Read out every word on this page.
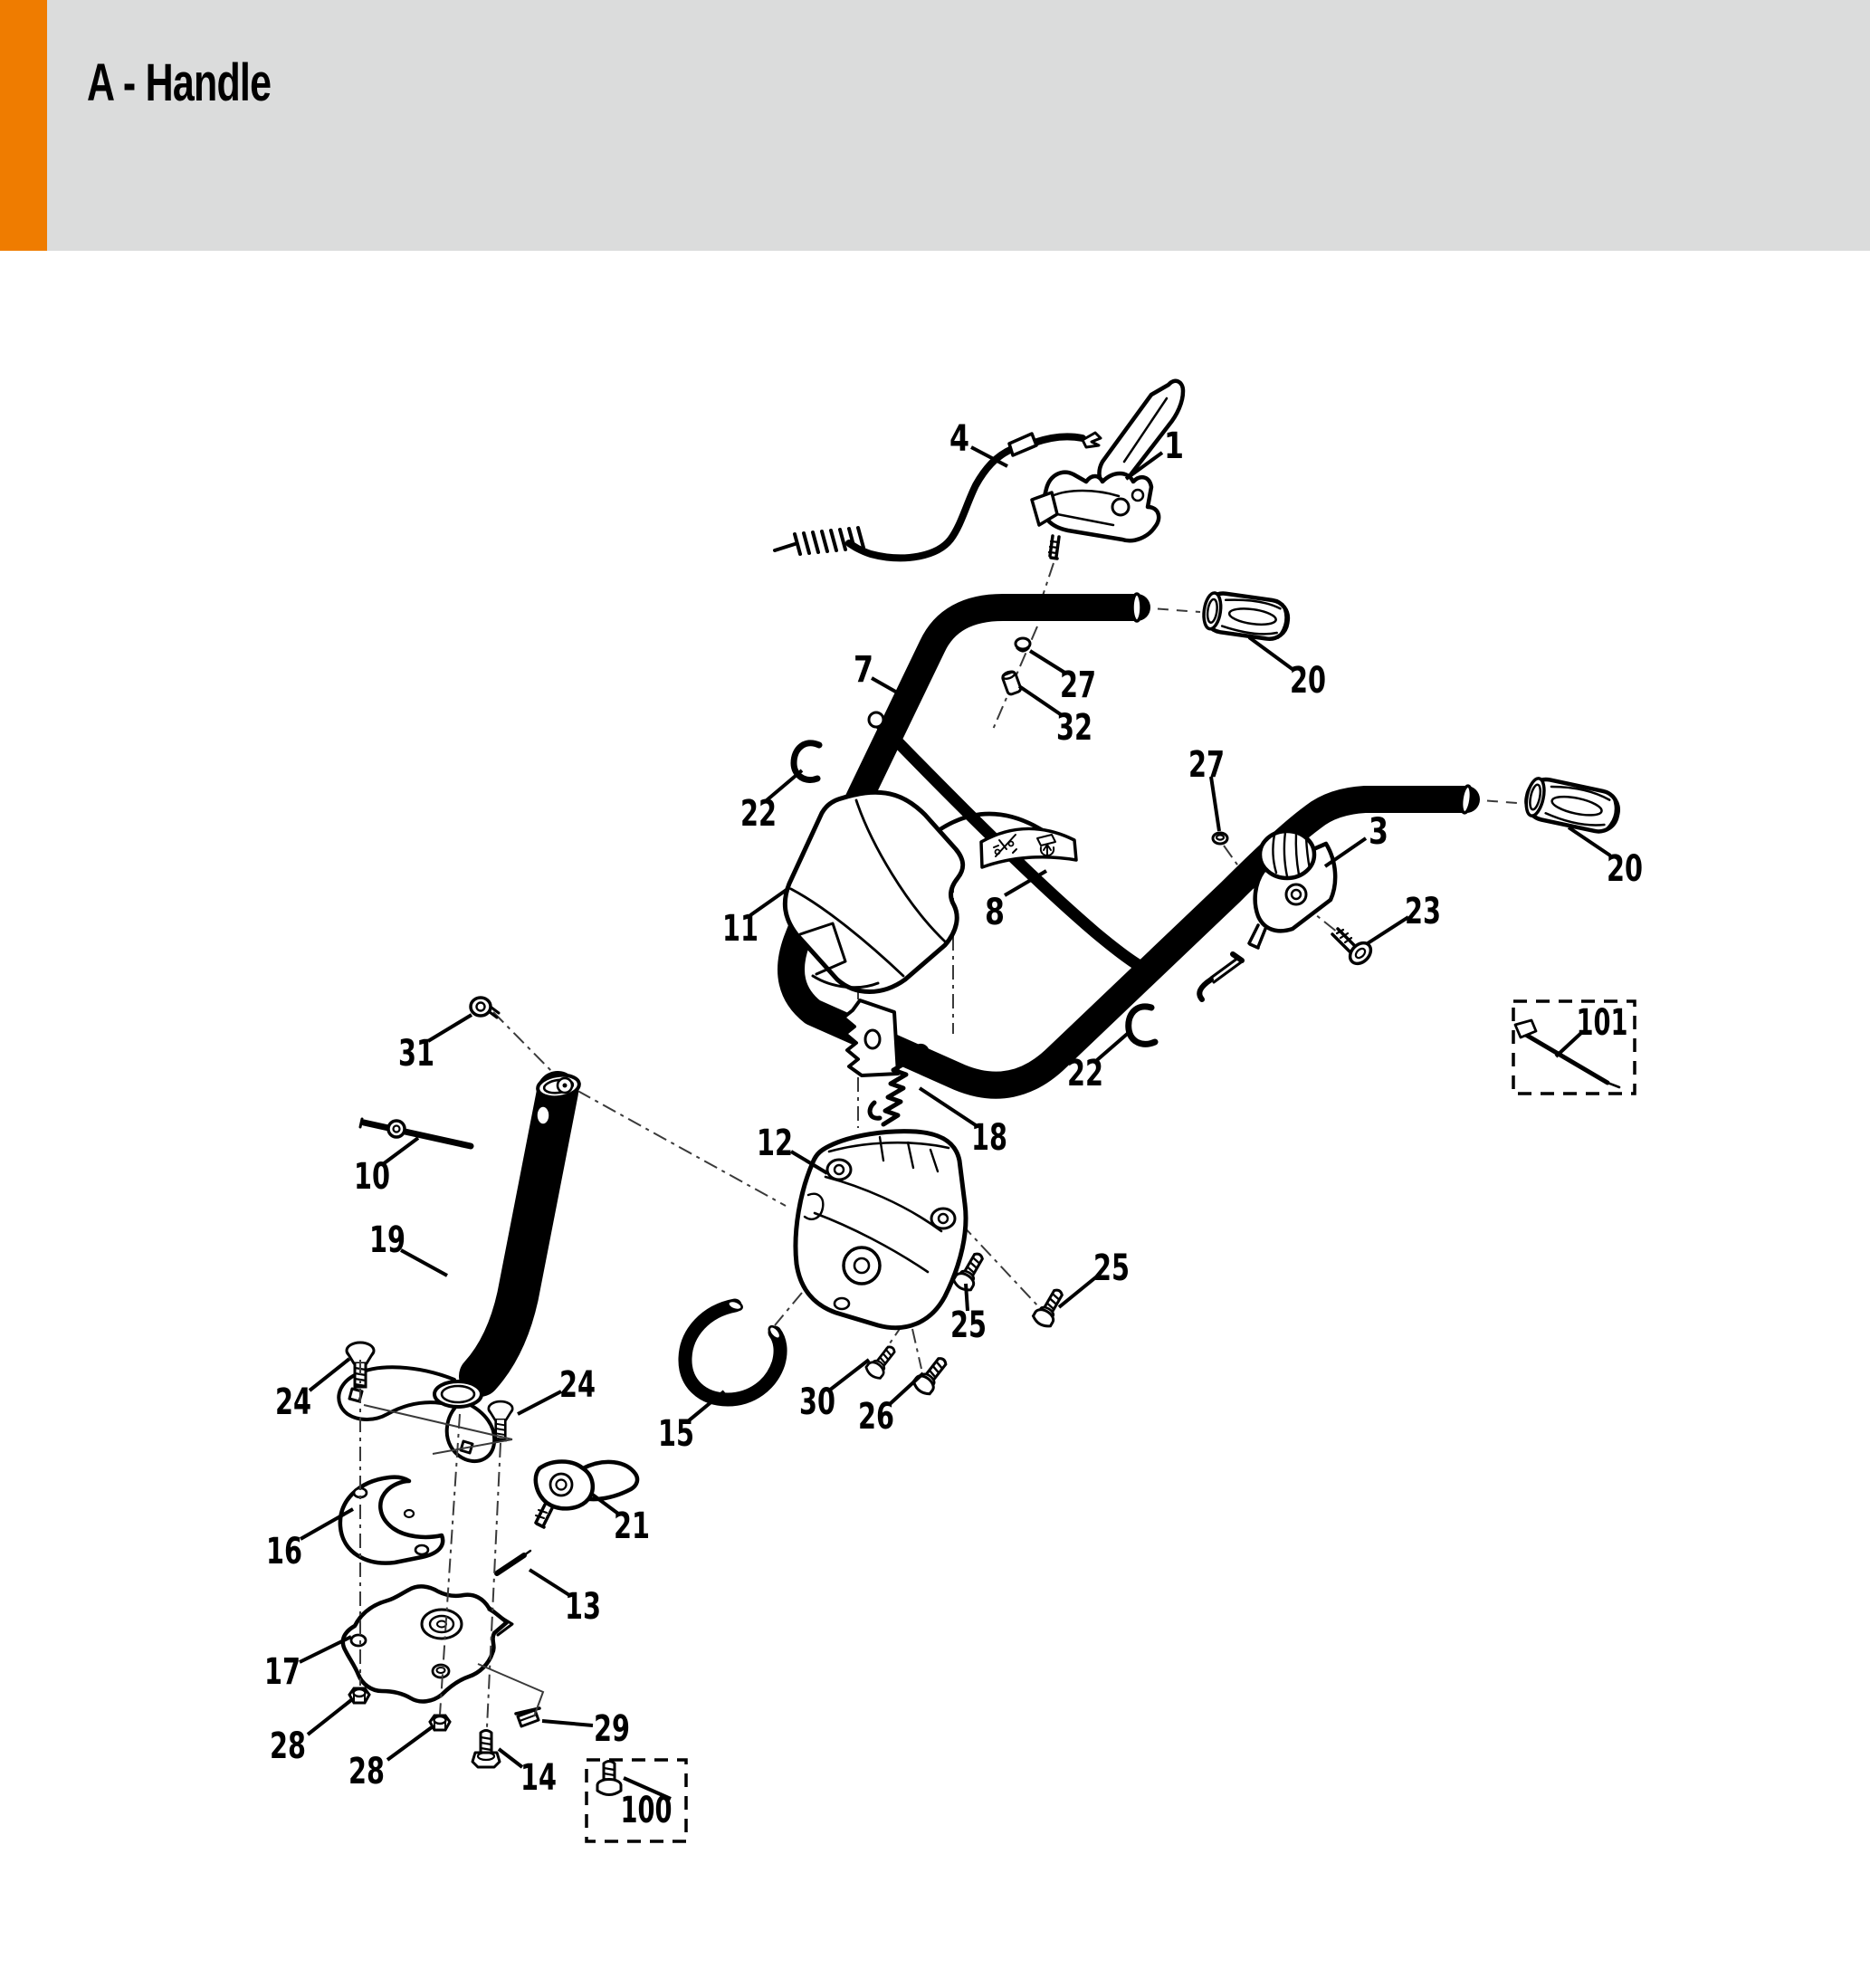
4	1
7	27
32
20
27
3
23
20
22
11	8
22
18
12
25
25
30 26
15
31
10
19
24	24
16
21
13
17
28
28	14
29
100
101
A - Handle
